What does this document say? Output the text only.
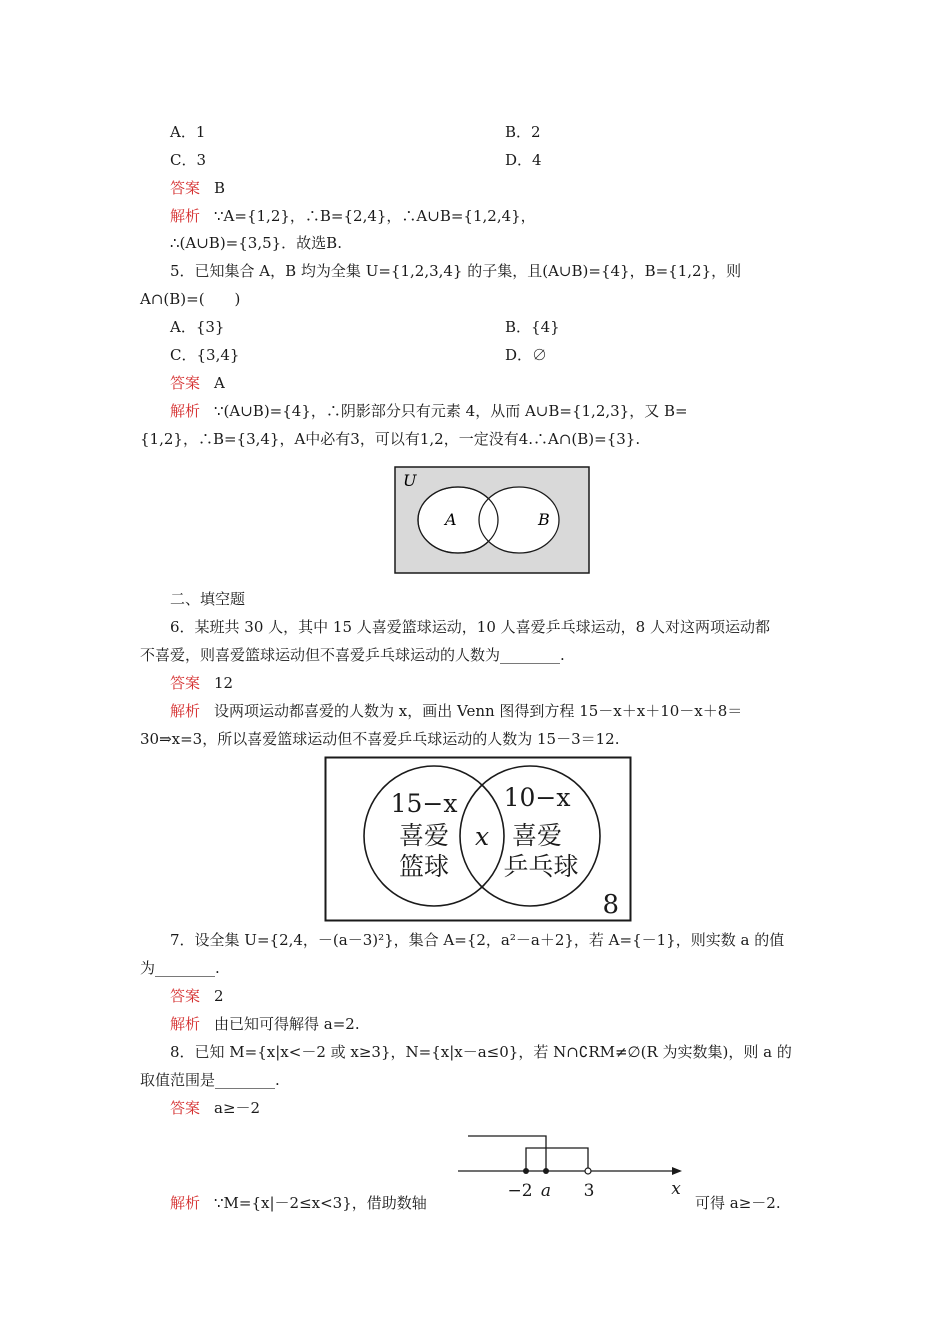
A．1	B．2
C．3	D．4
答案 B
解析 ∵A={1,2}，∴B={2,4}，∴A∪B={1,2,4}，
∴(A∪B)={3,5}．故选B.
5．已知集合 A，B 均为全集 U={1,2,3,4} 的子集，且(A∪B)={4}，B={1,2}，则
A∩(B)=(　　)
A．{3}	B．{4}
C．{3,4}	D．∅
答案 A
解析 ∵(A∪B)={4}，∴阴影部分只有元素 4，从而 A∪B={1,2,3}，又 B=
{1,2}，∴B={3,4}，A中必有3，可以有1,2，一定没有4.∴A∩(B)={3}.
U
A	B
二、填空题
6．某班共 30 人，其中 15 人喜爱篮球运动，10 人喜爱乒乓球运动，8 人对这两项运动都
不喜爱，则喜爱篮球运动但不喜爱乒乓球运动的人数为________.
答案 12
解析 设两项运动都喜爱的人数为 x，画出 Venn 图得到方程 15－x＋x＋10－x＋8＝
30⇒x=3，所以喜爱篮球运动但不喜爱乒乓球运动的人数为 15－3＝12.
15−x
喜爱
篮球
x
10−x
喜爱
乒乓球
8
7．设全集 U={2,4，－(a－3)²}，集合 A={2，a²－a＋2}，若 A={－1}，则实数 a 的值
为________.
答案 2
解析 由已知可得解得 a=2.
8．已知 M={x|x<－2 或 x≥3}，N={x|x－a≤0}，若 N∩∁RM≠∅(R 为实数集)，则 a 的
取值范围是________.
答案 a≥－2
−2 a 3	x
解析 ∵M={x|－2≤x<3}，借助数轴	可得 a≥－2.
